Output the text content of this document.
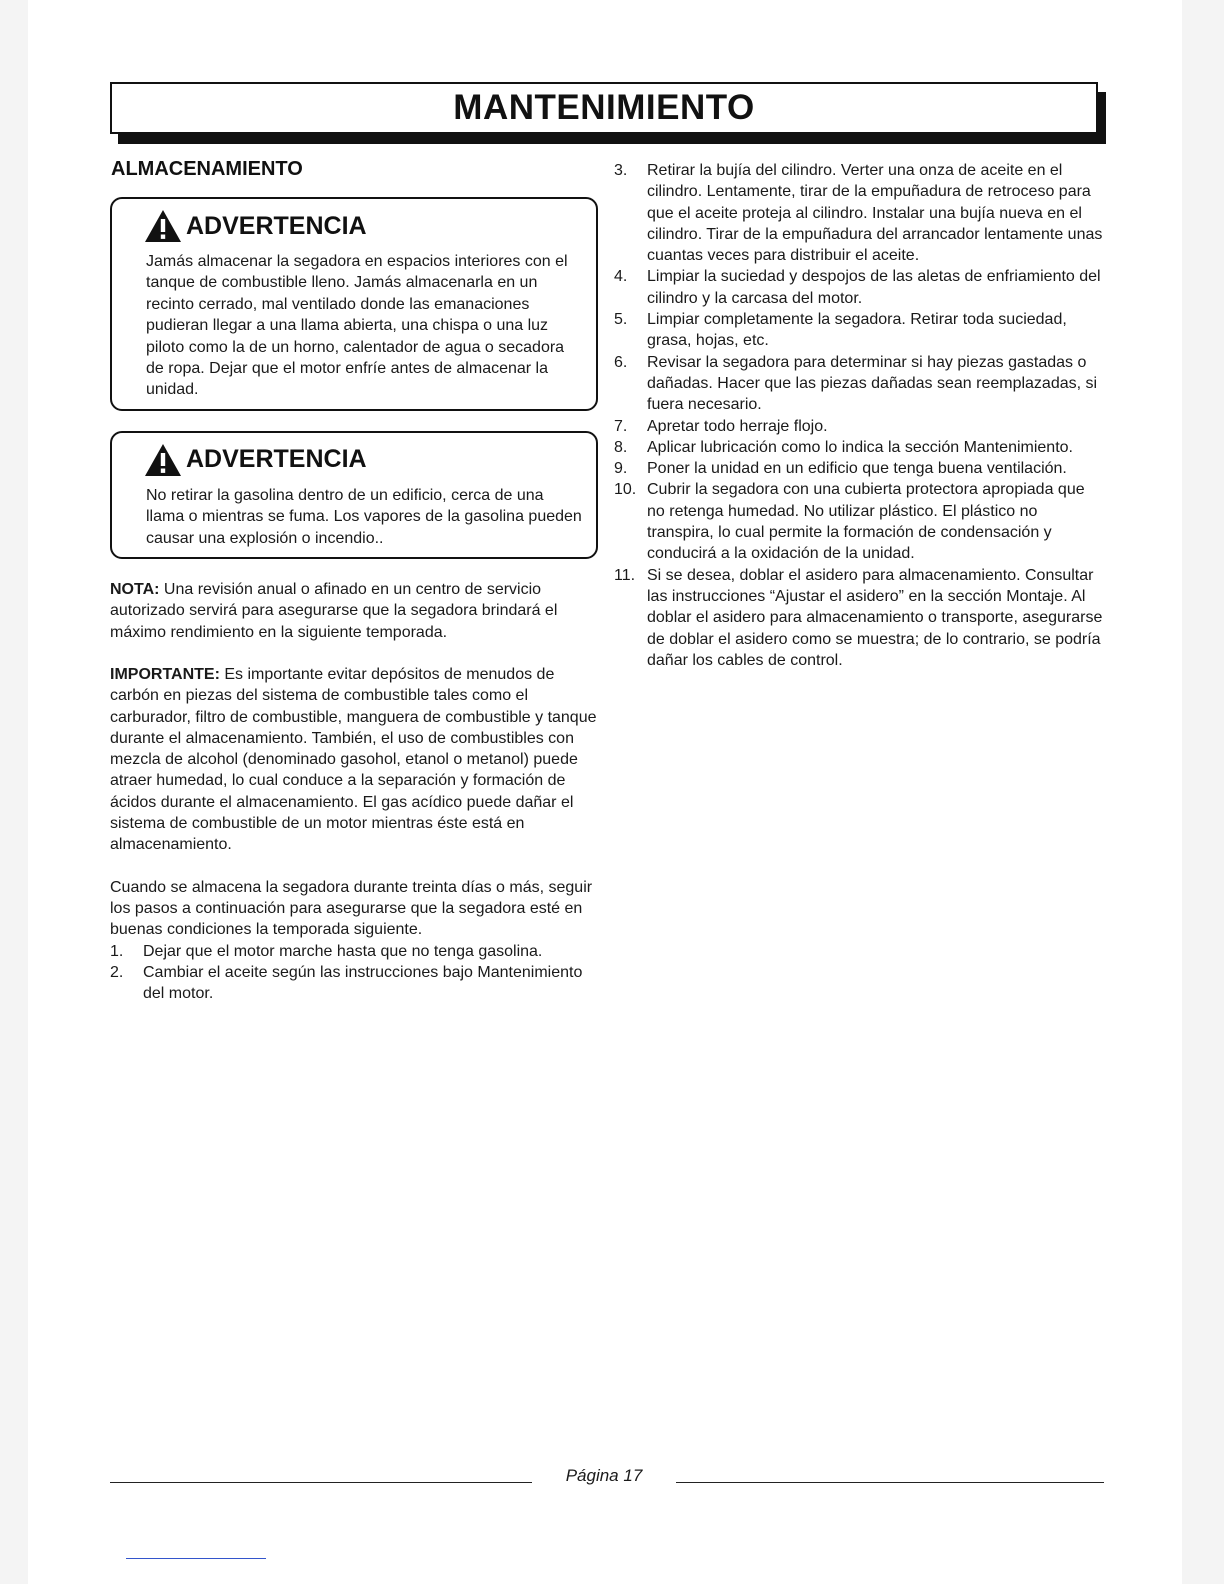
MANTENIMIENTO
ALMACENAMIENTO
ADVERTENCIA

Jamás almacenar la segadora en espacios interiores con el tanque de combustible lleno. Jamás almacenarla en un recinto cerrado, mal ventilado donde las emanaciones pudieran llegar a una llama abierta, una chispa o una luz piloto como la de un horno, calentador de agua o secadora de ropa. Dejar que el motor enfríe antes de almacenar la unidad.

ADVERTENCIA

No retirar la gasolina dentro de un edificio, cerca de una llama o mientras se fuma. Los vapores de la gasolina pueden causar una explosión o incendio..

NOTA: Una revisión anual o afinado en un centro de servicio autorizado servirá para asegurarse que la segadora brindará el máximo rendimiento en la siguiente temporada.

IMPORTANTE: Es importante evitar depósitos de menudos de carbón en piezas del sistema de combustible tales como el carburador, filtro de combustible, manguera de combustible y tanque durante el almacenamiento. También, el uso de combustibles con mezcla de alcohol (denominado gasohol, etanol o metanol) puede atraer humedad, lo cual conduce a la separación y formación de ácidos durante el almacenamiento. El gas acídico puede dañar el sistema de combustible de un motor mientras éste está en almacenamiento.

Cuando se almacena la segadora durante treinta días o más, seguir los pasos a continuación para asegurarse que la segadora esté en buenas condiciones la temporada siguiente.

1. Dejar que el motor marche hasta que no tenga gasolina.
2. Cambiar el aceite según las instrucciones bajo Mantenimiento del motor.
3. Retirar la bujía del cilindro. Verter una onza de aceite en el cilindro. Lentamente, tirar de la empuñadura de retroceso para que el aceite proteja al cilindro. Instalar una bujía nueva en el cilindro. Tirar de la empuñadura del arrancador lentamente unas cuantas veces para distribuir el aceite.
4. Limpiar la suciedad y despojos de las aletas de enfriamiento del cilindro y la carcasa del motor.
5. Limpiar completamente la segadora. Retirar toda suciedad, grasa, hojas, etc.
6. Revisar la segadora para determinar si hay piezas gastadas o dañadas. Hacer que las piezas dañadas sean reemplazadas, si fuera necesario.
7. Apretar todo herraje flojo.
8. Aplicar lubricación como lo indica la sección Mantenimiento.
9. Poner la unidad en un edificio que tenga buena ventilación.
10. Cubrir la segadora con una cubierta protectora apropiada que no retenga humedad. No utilizar plástico. El plástico no transpira, lo cual permite la formación de condensación y conducirá a la oxidación de la unidad.
11. Si se desea, doblar el asidero para almacenamiento. Consultar las instrucciones “Ajustar el asidero” en la sección Montaje. Al doblar el asidero para almacenamiento o transporte, asegurarse de doblar el asidero como se muestra; de lo contrario, se podría dañar los cables de control.
Página 17
